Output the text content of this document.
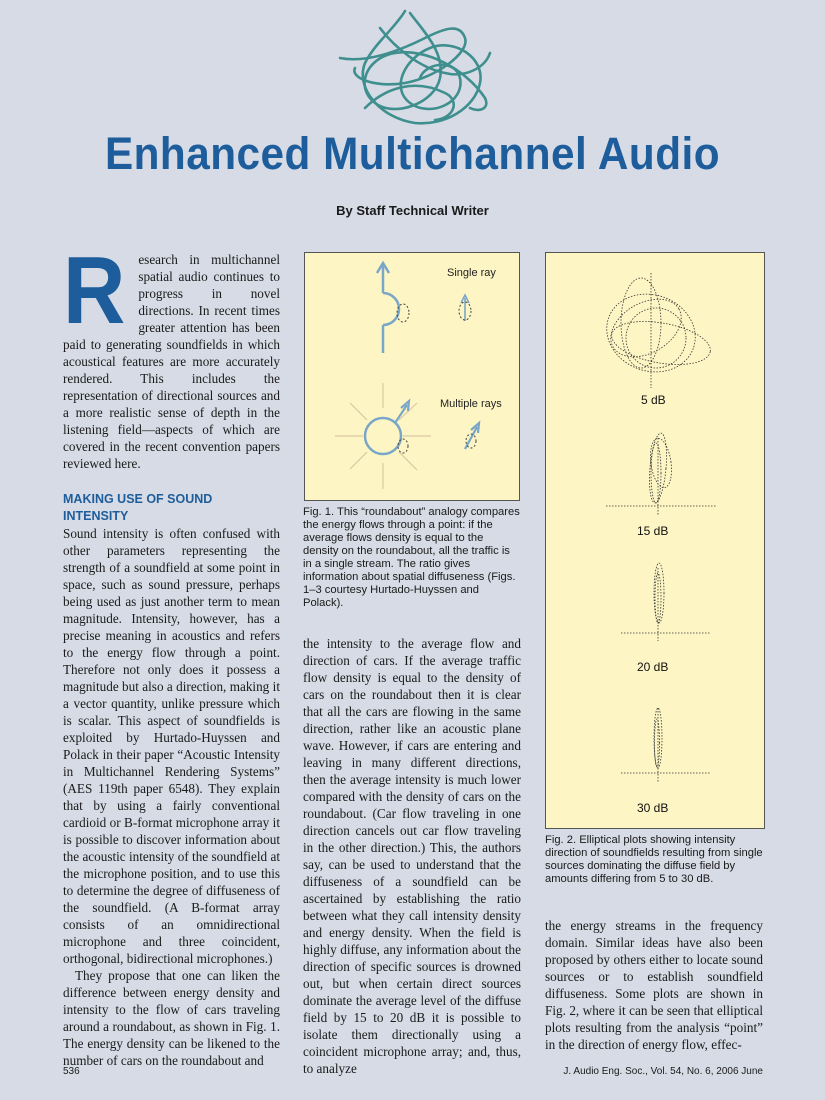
Enhanced Multichannel Audio
By Staff Technical Writer

Research in multichannel spatial audio continues to progress in novel directions. In recent times greater attention has been paid to generating soundfields in which acoustical features are more accurately rendered. This includes the representation of directional sources and a more realistic sense of depth in the listening field—aspects of which are covered in the recent convention papers reviewed here.

MAKING USE OF SOUND INTENSITY

Sound intensity is often confused with other parameters representing the strength of a soundfield at some point in space, such as sound pressure, perhaps being used as just another term to mean magnitude. Intensity, however, has a precise meaning in acoustics and refers to the energy flow through a point. Therefore not only does it possess a magnitude but also a direction, making it a vector quantity, unlike pressure which is scalar. This aspect of soundfields is exploited by Hurtado-Huyssen and Polack in their paper “Acoustic Intensity in Multichannel Rendering Systems” (AES 119th paper 6548). They explain that by using a fairly conventional cardioid or B-format microphone array it is possible to discover information about the acoustic intensity of the soundfield at the microphone position, and to use this to determine the degree of diffuseness of the soundfield. (A B-format array consists of an omnidirectional microphone and three coincident, orthogonal, bidirectional microphones.)

They propose that one can liken the difference between energy density and intensity to the flow of cars traveling around a roundabout, as shown in Fig. 1. The energy density can be likened to the number of cars on the roundabout and

Single ray
Multiple rays
Fig. 1. This “roundabout” analogy compares the energy flows through a point: if the average flows density is equal to the density on the roundabout, all the traffic is in a single stream. The ratio gives information about spatial diffuseness (Figs. 1–3 courtesy Hurtado-Huyssen and Polack).

the intensity to the average flow and direction of cars. If the average traffic flow density is equal to the density of cars on the roundabout then it is clear that all the cars are flowing in the same direction, rather like an acoustic plane wave. However, if cars are entering and leaving in many different directions, then the average intensity is much lower compared with the density of cars on the roundabout. (Car flow traveling in one direction cancels out car flow traveling in the other direction.) This, the authors say, can be used to understand that the diffuseness of a soundfield can be ascertained by establishing the ratio between what they call intensity density and energy density. When the field is highly diffuse, any information about the direction of specific sources is drowned out, but when certain direct sources dominate the average level of the diffuse field by 15 to 20 dB it is possible to isolate them directionally using a coincident microphone array; and, thus, to analyze

5 dB
15 dB
20 dB
30 dB
Fig. 2. Elliptical plots showing intensity direction of soundfields resulting from single sources dominating the diffuse field by amounts differing from 5 to 30 dB.

the energy streams in the frequency domain. Similar ideas have also been proposed by others either to locate sound sources or to establish soundfield diffuseness. Some plots are shown in Fig. 2, where it can be seen that elliptical plots resulting from the analysis “point” in the direction of energy flow, effec-

536	J. Audio Eng. Soc., Vol. 54, No. 6, 2006 June
